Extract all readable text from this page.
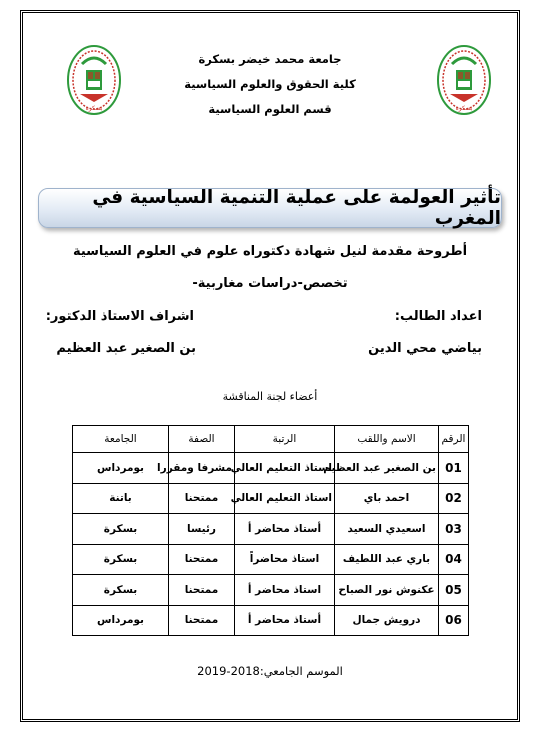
بسكرة	بسكرة
جامعة محمد خيضر بسكرة
كلية الحقوق والعلوم السياسية
قسم العلوم السياسية
تأثير العولمة على عملية التنمية السياسية في المغرب
أطروحة مقدمة لنيل شهادة دكتوراه علوم في العلوم السياسية
تخصص-دراسات مغاربية-
اعداد الطالب:
اشراف الاستاذ الدكتور:
بياضي محي الدين
بن الصغير عبد العظيم
أعضاء لجنة المناقشة
الرقم	الاسم واللقب	الرتبة	الصفة	الجامعة
01	بن الصغير عبد العظيم	استاذ التعليم العالي	مشرفا ومقررا	بومرداس
02	احمد باي	استاذ التعليم العالي	ممتحنا	باتنة
03	اسعيدي السعيد	أستاذ محاضر أ	رئيسا	بسكرة
04	باري عبد اللطيف	استاذ محاضراً	ممتحنا	بسكرة
05	عكنوش نور الصباح	استاذ محاضر أ	ممتحنا	بسكرة
06	درويش جمال	أستاذ محاضر أ	ممتحنا	بومرداس
الموسم الجامعي:2018-2019
